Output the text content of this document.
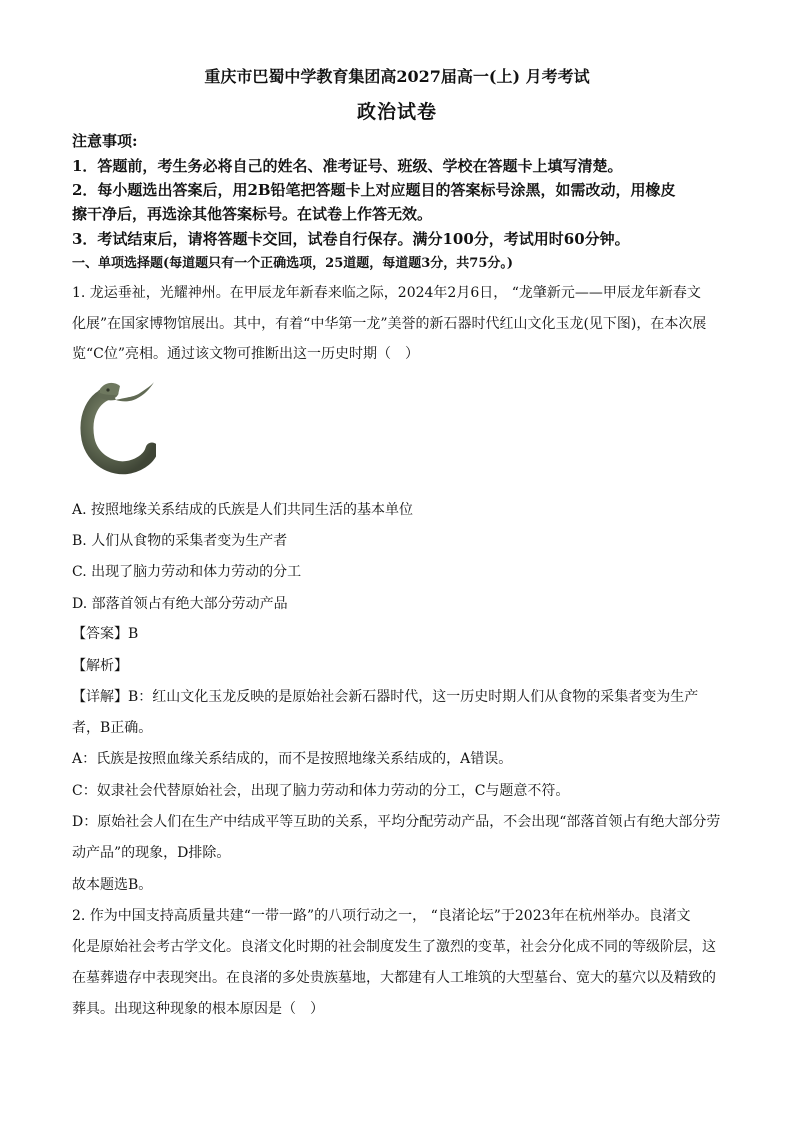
重庆市巴蜀中学教育集团高2027届高一(上) 月考考试
政治试卷
注意事项:
1．答题前，考生务必将自己的姓名、准考证号、班级、学校在答题卡上填写清楚。
2．每小题选出答案后，用2B铅笔把答题卡上对应题目的答案标号涂黑，如需改动，用橡皮
擦干净后，再选涂其他答案标号。在试卷上作答无效。
3．考试结束后，请将答题卡交回，试卷自行保存。满分100分，考试用时60分钟。
一、单项选择题(每道题只有一个正确选项，25道题，每道题3分，共75分。)
1. 龙运垂祉，光耀神州。在甲辰龙年新春来临之际，2024年2月6日， “龙肇新元——甲辰龙年新春文
化展”在国家博物馆展出。其中，有着“中华第一龙”美誉的新石器时代红山文化玉龙(见下图)，在本次展
览“C位”亮相。通过该文物可推断出这一历史时期（　）
A. 按照地缘关系结成的氏族是人们共同生活的基本单位
B. 人们从食物的采集者变为生产者
C. 出现了脑力劳动和体力劳动的分工
D. 部落首领占有绝大部分劳动产品
【答案】B
【解析】
【详解】B：红山文化玉龙反映的是原始社会新石器时代，这一历史时期人们从食物的采集者变为生产
者，B正确。
A：氏族是按照血缘关系结成的，而不是按照地缘关系结成的，A错误。
C：奴隶社会代替原始社会，出现了脑力劳动和体力劳动的分工，C与题意不符。
D：原始社会人们在生产中结成平等互助的关系，平均分配劳动产品，不会出现“部落首领占有绝大部分劳
动产品”的现象，D排除。
故本题选B。
2. 作为中国支持高质量共建“一带一路”的八项行动之一， “良渚论坛”于2023年在杭州举办。良渚文
化是原始社会考古学文化。良渚文化时期的社会制度发生了激烈的变革，社会分化成不同的等级阶层，这
在墓葬遗存中表现突出。在良渚的多处贵族墓地，大都建有人工堆筑的大型墓台、宽大的墓穴以及精致的
葬具。出现这种现象的根本原因是（　）
